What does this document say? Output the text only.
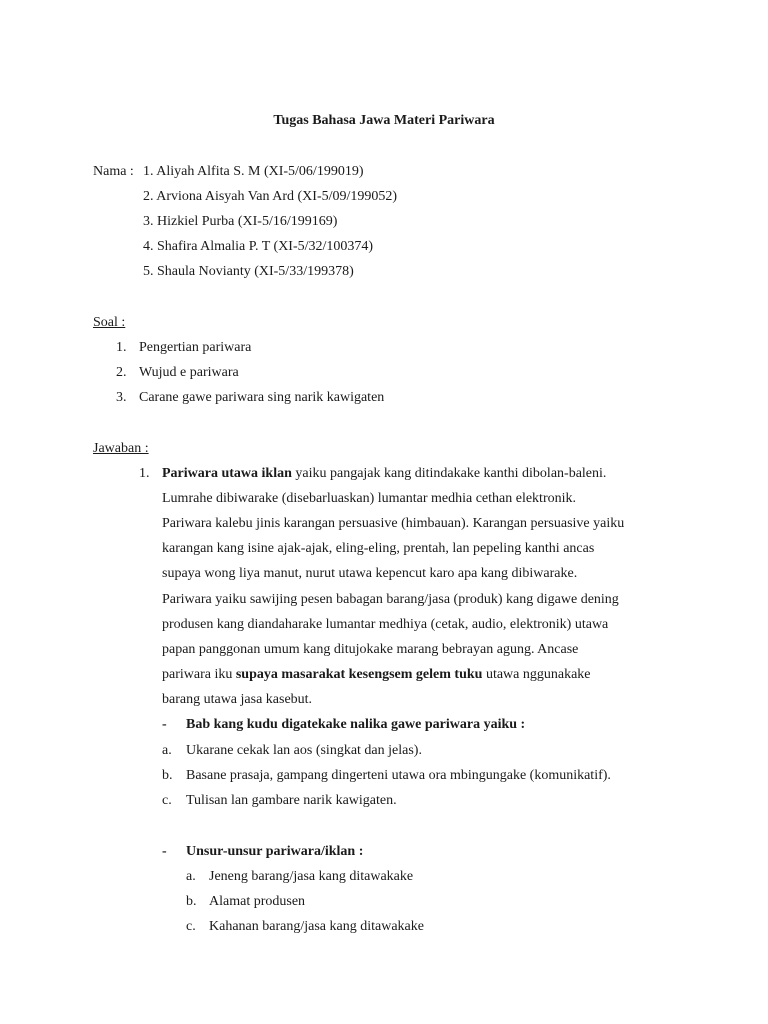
Tugas Bahasa Jawa Materi Pariwara
Nama : 1. Aliyah Alfita S. M (XI-5/06/199019)
2. Arviona Aisyah Van Ard (XI-5/09/199052)
3. Hizkiel Purba (XI-5/16/199169)
4. Shafira Almalia P. T (XI-5/32/100374)
5. Shaula Novianty (XI-5/33/199378)
Soal :
1. Pengertian pariwara
2. Wujud e pariwara
3. Carane gawe pariwara sing narik kawigaten
Jawaban :
1. Pariwara utawa iklan yaiku pangajak kang ditindakake kanthi dibolan-baleni.
Lumrahe dibiwarake (disebarluaskan) lumantar medhia cethan elektronik.
Pariwara kalebu jinis karangan persuasive (himbauan). Karangan persuasive yaiku
karangan kang isine ajak-ajak, eling-eling, prentah, lan pepeling kanthi ancas
supaya wong liya manut, nurut utawa kepencut karo apa kang dibiwarake.
Pariwara yaiku sawijing pesen babagan barang/jasa (produk) kang digawe dening
produsen kang diandaharake lumantar medhiya (cetak, audio, elektronik) utawa
papan panggonan umum kang ditujokake marang bebrayan agung. Ancase
pariwara iku supaya masarakat kesengsem gelem tuku utawa nggunakake
barang utawa jasa kasebut.
- Bab kang kudu digatekake nalika gawe pariwara yaiku :
a. Ukarane cekak lan aos (singkat dan jelas).
b. Basane prasaja, gampang dingerteni utawa ora mbingungake (komunikatif).
c. Tulisan lan gambare narik kawigaten.
- Unsur-unsur pariwara/iklan :
a. Jeneng barang/jasa kang ditawakake
b. Alamat produsen
c. Kahanan barang/jasa kang ditawakake
